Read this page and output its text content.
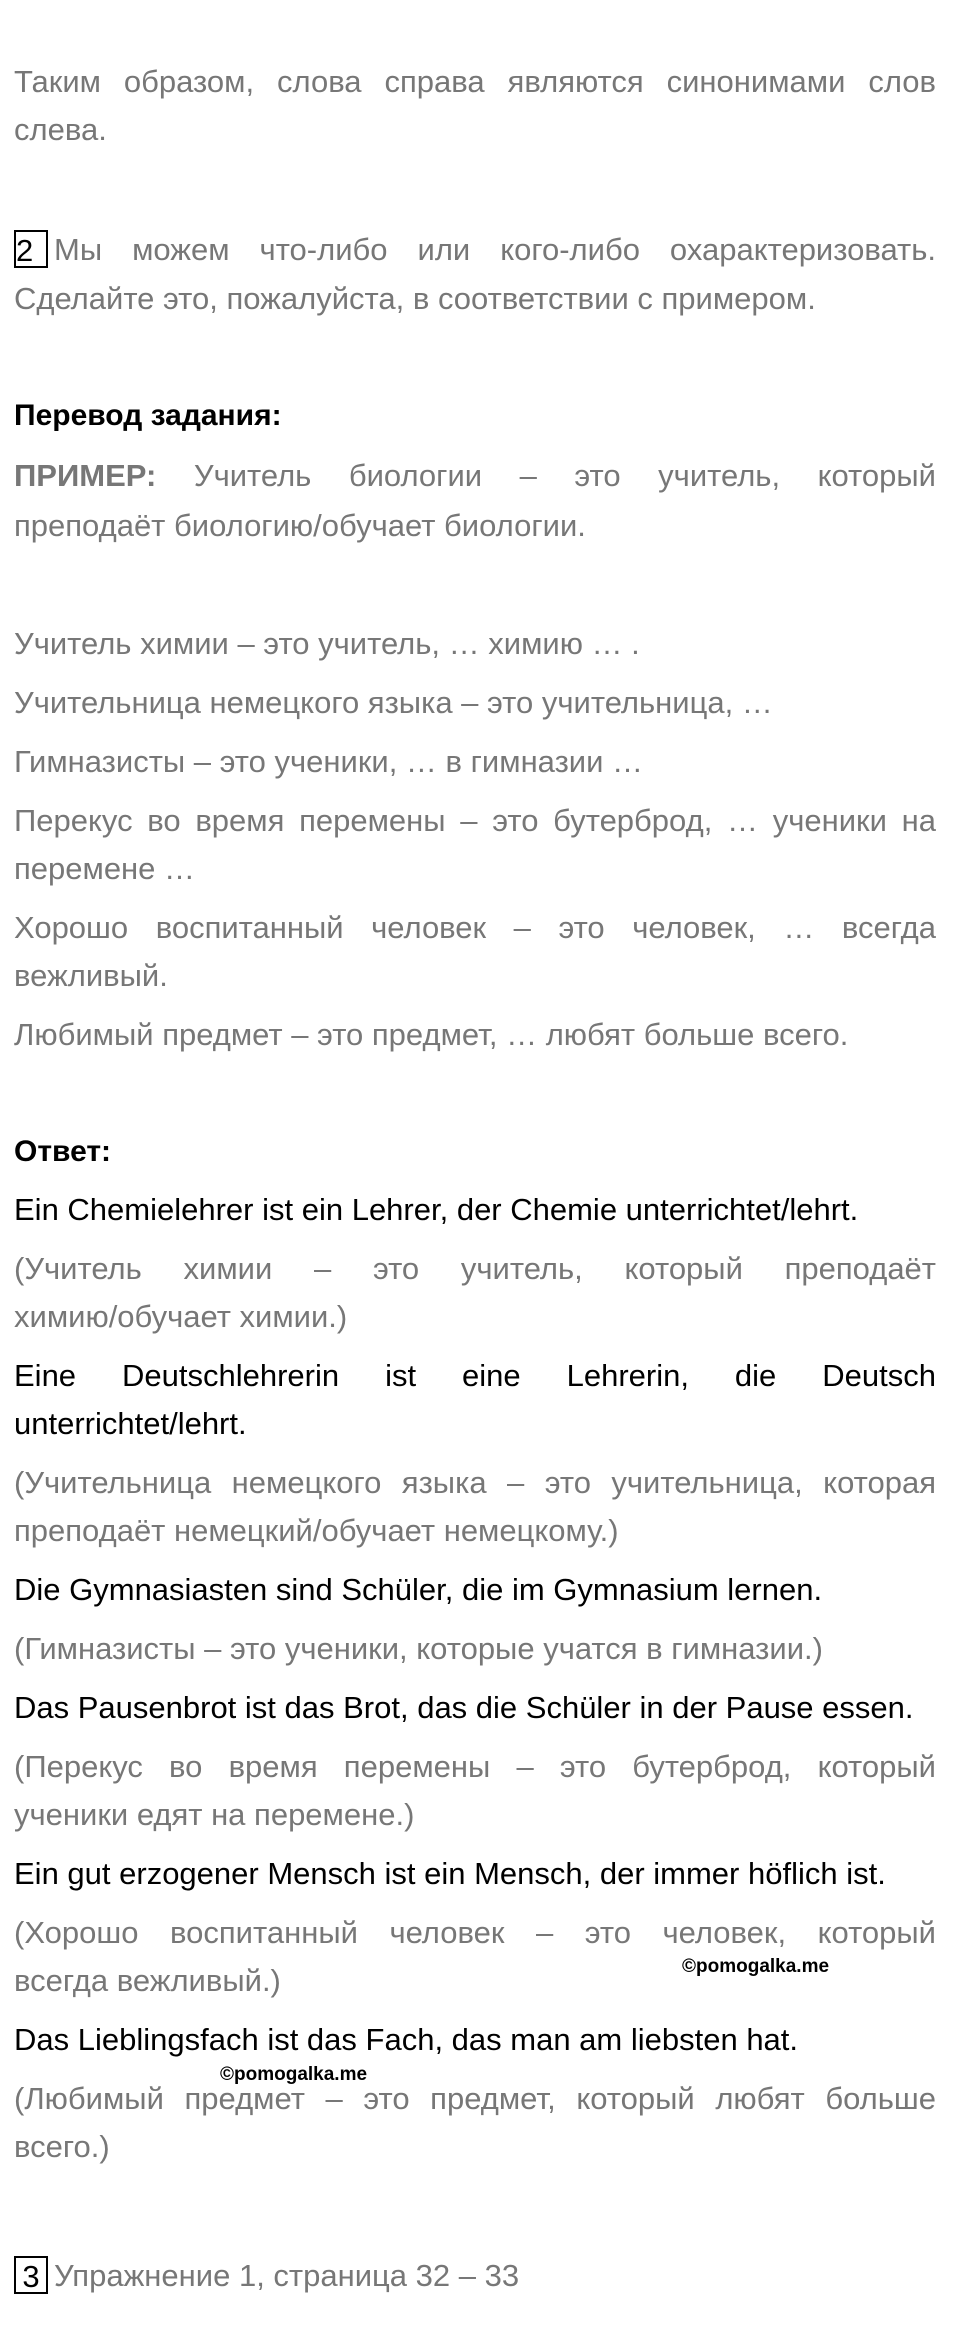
Таким образом, слова справа являются синонимами слов
слева.
2 Мы можем что-либо или кого-либо охарактеризовать.
Сделайте это, пожалуйста, в соответствии с примером.
Перевод задания:
ПРИМЕР: Учитель биологии – это учитель, который
преподаёт биологию/обучает биологии.
Учитель химии – это учитель, … химию … .
Учительница немецкого языка – это учительница, …
Гимназисты – это ученики, … в гимназии …
Перекус во время перемены – это бутерброд, … ученики на
перемене …
Хорошо воспитанный человек – это человек, … всегда
вежливый.
Любимый предмет – это предмет, … любят больше всего.
Ответ:
Ein Chemielehrer ist ein Lehrer, der Chemie unterrichtet/lehrt.
(Учитель химии – это учитель, который преподаёт
химию/обучает химии.)
Eine Deutschlehrerin ist eine Lehrerin, die Deutsch
unterrichtet/lehrt.
(Учительница немецкого языка – это учительница, которая
преподаёт немецкий/обучает немецкому.)
Die Gymnasiasten sind Schüler, die im Gymnasium lernen.
(Гимназисты – это ученики, которые учатся в гимназии.)
Das Pausenbrot ist das Brot, das die Schüler in der Pause essen.
(Перекус во время перемены – это бутерброд, который
ученики едят на перемене.)
Ein gut erzogener Mensch ist ein Mensch, der immer höflich ist.
(Хорошо воспитанный человек – это человек, который
всегда вежливый.)
Das Lieblingsfach ist das Fach, das man am liebsten hat.
(Любимый предмет – это предмет, который любят больше
всего.)
©pomogalka.me
©pomogalka.me
3 Упражнение 1, страница 32 – 33
